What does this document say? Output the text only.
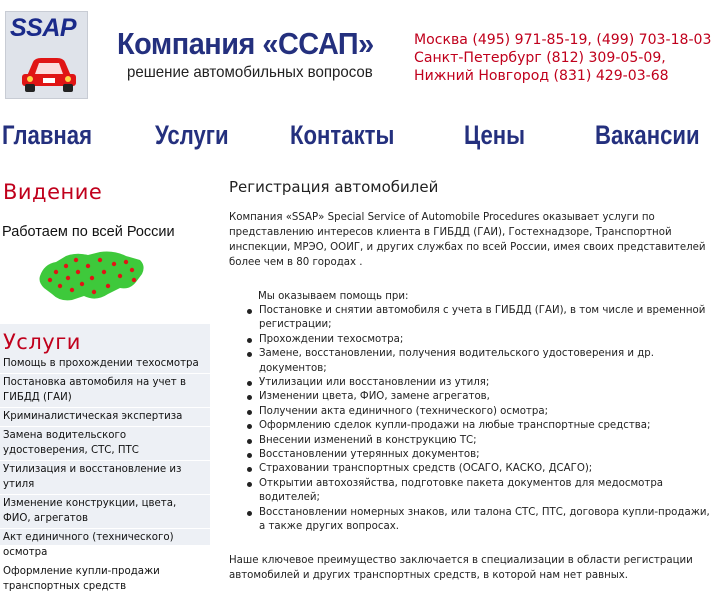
SSAP Компания «ССАП»
решение автомобильных вопросов
Москва (495) 971-85-19, (499) 703-18-03
Санкт-Петербург (812) 309-05-09,
Нижний Новгород (831) 429-03-68
Главная Услуги Контакты	Цены	Вакансии
Видение
Работаем по всей России
Услуги
Помощь в прохождении техосмотра
Постановка автомобиля на учет в ГИБДД (ГАИ)
Криминалистическая экспертиза
Замена водительского удостоверения, СТС, ПТС
Утилизация и восстановление из утиля
Изменение конструкции, цвета, ФИО, агрегатов
Акт единичного (технического) осмотра
Оформление купли-продажи транспортных средств
Регистрация автомобилей

Компания «SSAP» Special Service of Automobile Procedures оказывает услуги по представлению интересов клиента в ГИБДД (ГАИ), Гостехнадзоре, Транспортной инспекции, МРЭО, ООИГ, и других службах по всей России, имея своих представителей более чем в 80 городах .

Мы оказываем помощь при:

Постановке и снятии автомобиля с учета в ГИБДД (ГАИ), в том числе и временной регистрации;
Прохождении техосмотра;
Замене, восстановлении, получения водительского удостоверения и др. документов;
Утилизации или восстановлении из утиля;
Изменении цвета, ФИО, замене агрегатов,
Получении акта единичного (технического) осмотра;
Оформлению сделок купли-продажи на любые транспортные средства;
Внесении изменений в конструкцию ТС;
Восстановлении утерянных документов;
Страховании транспортных средств (ОСАГО, КАСКО, ДСАГО);
Открытии автохозяйства, подготовке пакета документов для медосмотра водителей;
Восстановлении номерных знаков, или талона СТС, ПТС, договора купли-продажи, а также других вопросах.

Наше ключевое преимущество заключается в специализации в области регистрации автомобилей и других транспортных средств, в которой нам нет равных.
